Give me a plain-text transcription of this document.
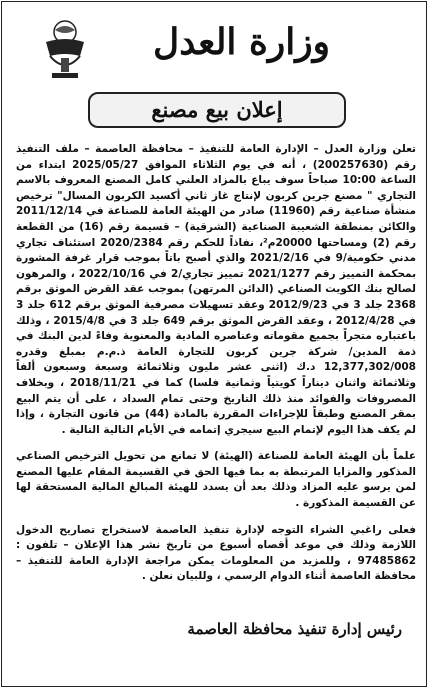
وزارة العدل
إعلان بيع مصنع

تعلن وزارة العدل – الإدارة العامة للتنفيذ – محافظة العاصمة – ملف التنفيذ رقم (200257630) ، أنه في يوم الثلاثاء الموافق 2025/05/27 ابتداء من الساعة 10:00 صباحاً سوف يباع بالمزاد العلني كامل المصنع المعروف بالاسم التجاري " مصنع جرين كربون لإنتاج غاز ثاني أكسيد الكربون المسال" ترخيص منشأة صناعية رقم (11960) صادر من الهيئة العامة للصناعة في 2011/12/14 والكائن بمنطقة الشعيبة الصناعية (الشرقية) – قسيمة رقم (16) من القطعة رقم (2) ومساحتها 20000م²، نفاذاً للحكم رقم 2020/2384 استئناف تجاري مدني حكومية/9 في 2021/2/16 والذي أصبح باتاً بموجب قرار غرفة المشورة بمحكمة التمييز رقم 2021/1277 تمييز تجاري/2 في 2022/10/16 ، والمرهون لصالح بنك الكويت الصناعي (الدائن المرتهن) بموجب عقد القرض الموثق برقم 2368 جلد 3 في 2012/9/23 وعقد تسهيلات مصرفية الموثق برقم 612 جلد 3 في 2012/4/28 ، وعقد القرض الموثق برقم 649 جلد 3 في 2015/4/8 ، وذلك باعتباره متجراً بجميع مقوماته وعناصره المادية والمعنوية وفاءً لدين البنك في ذمة المدين/ شركة جرين كربون للتجارة العامة ذ.م.م بمبلغ وقدره 12,377,302/008 د.ك (اثنى عشر مليون وثلاثمائة وسبعة وسبعون ألفاً وثلاثمائة واثنان ديناراً كويتياً وثمانية فلسا) كما في 2018/11/21 ، وبخلاف المصروفات والفوائد منذ ذلك التاريخ وحتى تمام السداد ، على أن يتم البيع بمقر المصنع وطبقاً للإجراءات المقررة بالمادة (44) من قانون التجارة ، وإذا لم يكف هذا اليوم لإتمام البيع سيجري إتمامه في الأيام التالية التالية .

علماً بأن الهيئة العامة للصناعة (الهيئة) لا تمانع من تحويل الترخيص الصناعي المذكور والمزايا المرتبطة به بما فيها الحق في القسيمة المقام عليها المصنع لمن يرسو عليه المزاد وذلك بعد أن يسدد للهيئة المبالغ المالية المستحقة لها عن القسيمة المذكورة .

فعلى راغبي الشراء التوجه لإدارة تنفيذ العاصمة لاستخراج تصاريح الدخول اللازمة وذلك في موعد أقصاه أسبوع من تاريخ نشر هذا الإعلان – تلفون : 97485862 ، وللمزيد من المعلومات يمكن مراجعة الإدارة العامة للتنفيذ – محافظة العاصمة أثناء الدوام الرسمي ، وللبيان نعلن .

رئيس إدارة تنفيذ محافظة العاصمة
